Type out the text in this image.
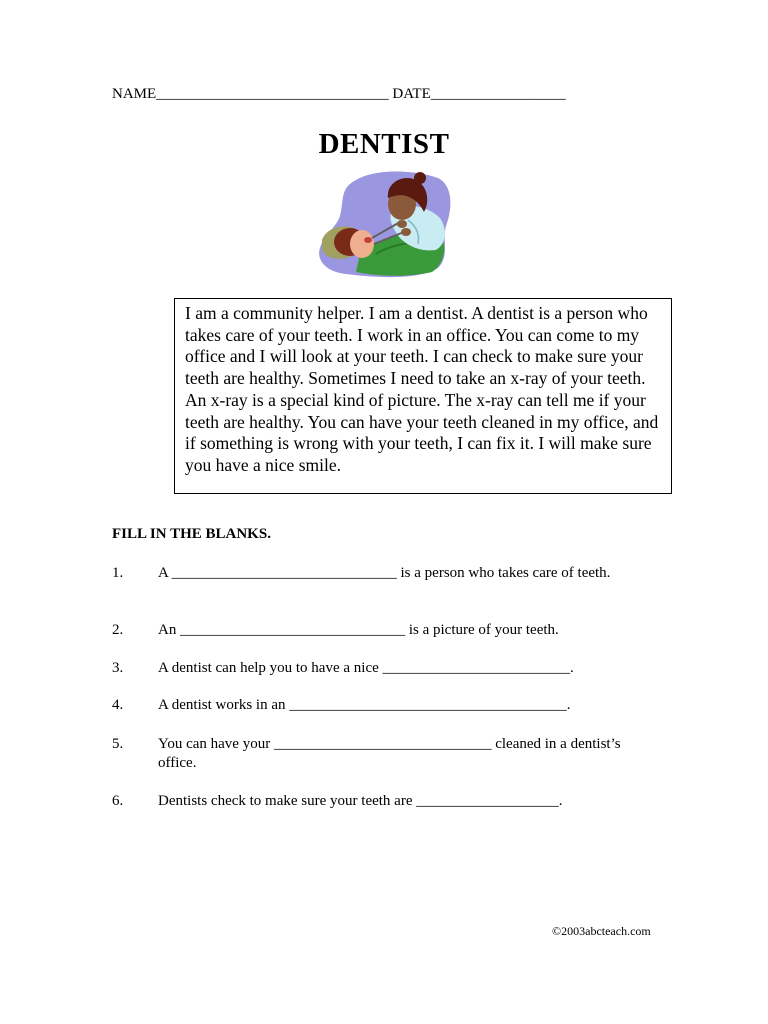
NAME_______________________________ DATE__________________
DENTIST

I am a community helper. I am a dentist. A dentist is a person who takes care of your teeth. I work in an office. You can come to my office and I will look at your teeth. I can check to make sure your teeth are healthy. Sometimes I need to take an x-ray of your teeth. An x-ray is a special kind of picture. The x-ray can tell me if your teeth are healthy. You can have your teeth cleaned in my office, and if something is wrong with your teeth, I can fix it. I will make sure you have a nice smile.

FILL IN THE BLANKS.
1. A ______________________________ is a person who takes care of teeth.
2. An ______________________________ is a picture of your teeth.
3. A dentist can help you to have a nice _________________________.
4. A dentist works in an _____________________________________.
5. You can have your _____________________________ cleaned in a dentist’s office.
6. Dentists check to make sure your teeth are ___________________.
©2003abcteach.com
